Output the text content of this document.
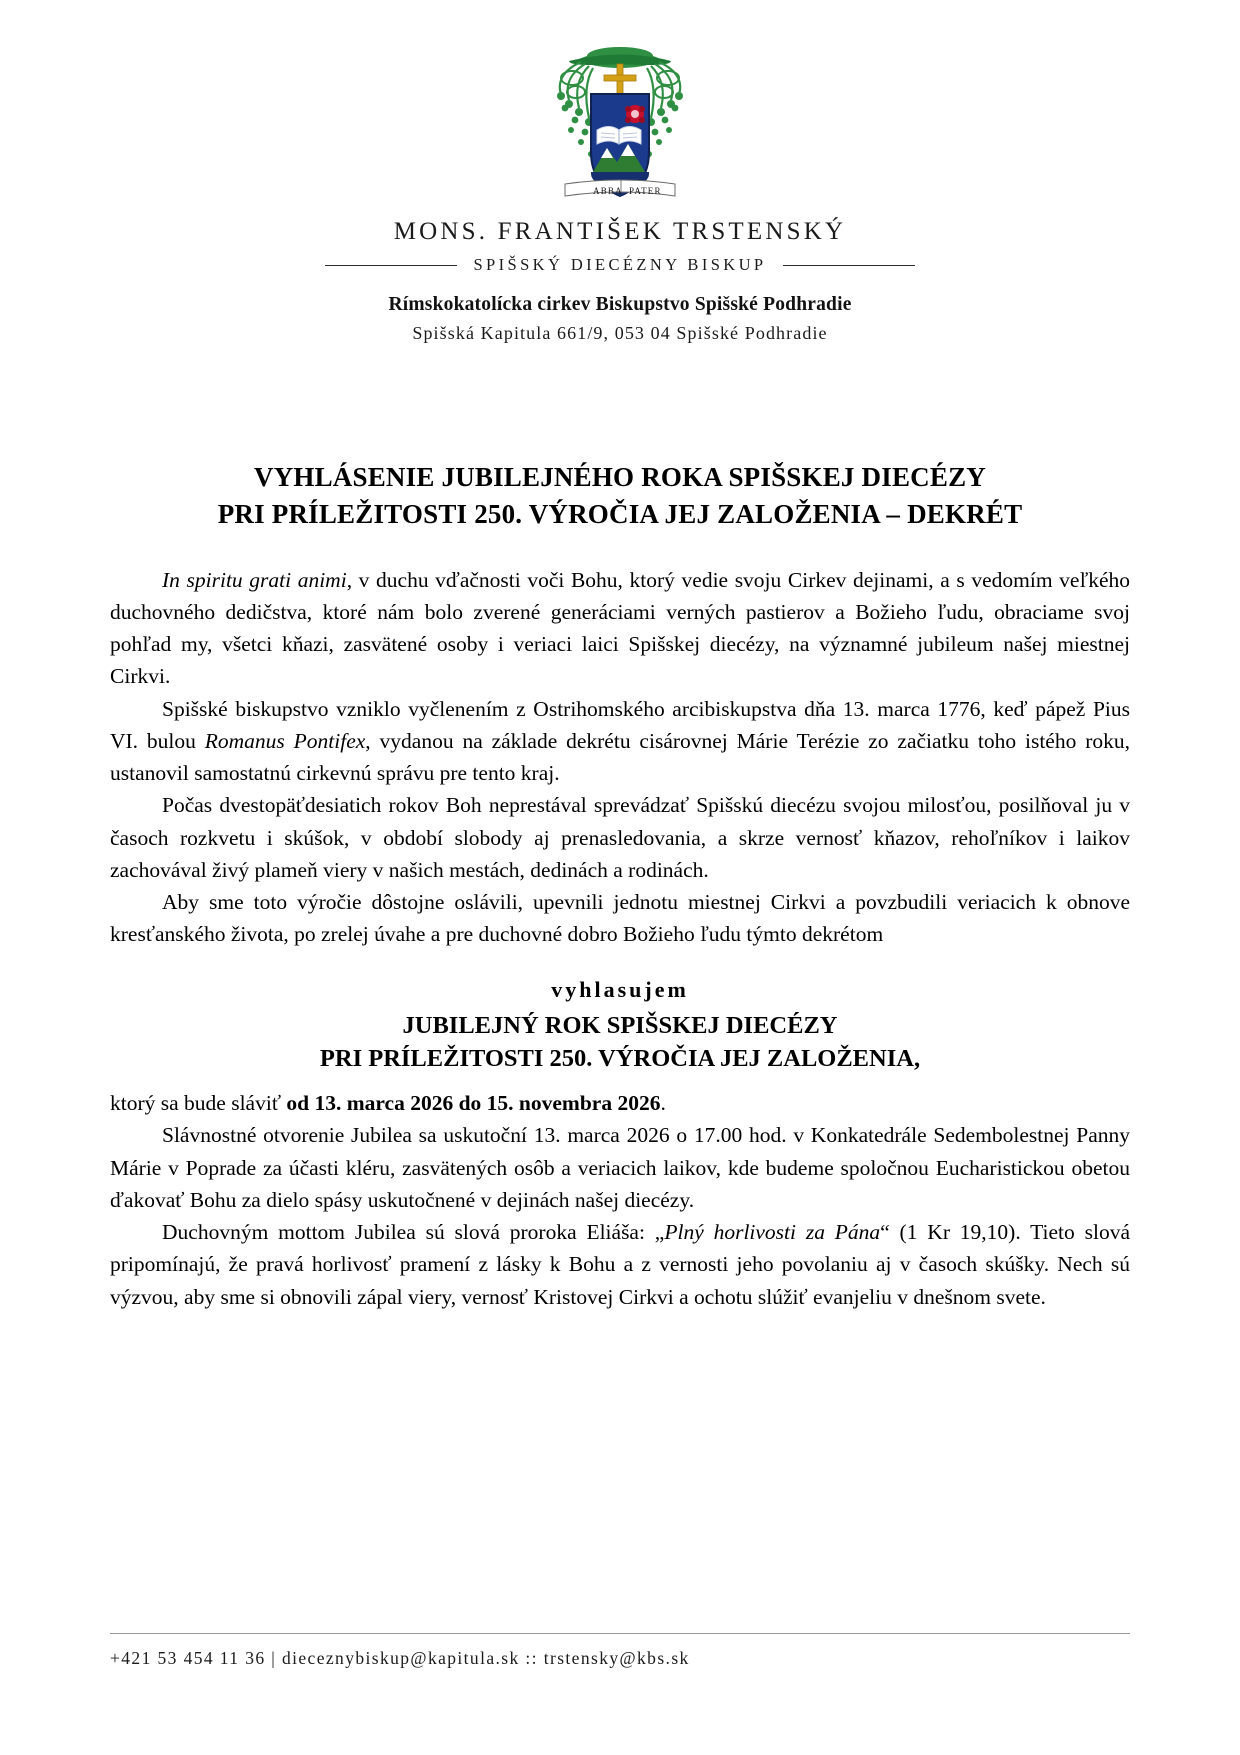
ABBA PATER
MONS. FRANTIŠEK TRSTENSKÝ
SPIŠSKÝ DIECÉZNY BISKUP
Rímskokatolícka cirkev Biskupstvo Spišské Podhradie
Spišská Kapitula 661/9, 053 04 Spišské Podhradie
VYHLÁSENIE JUBILEJNÉHO ROKA SPIŠSKEJ DIECÉZY
PRI PRÍLEŽITOSTI 250. VÝROČIA JEJ ZALOŽENIA – DEKRÉT

In spiritu grati animi, v duchu vďačnosti voči Bohu, ktorý vedie svoju Cirkev dejinami, a s vedomím veľkého duchovného dedičstva, ktoré nám bolo zverené generáciami verných pastierov a Božieho ľudu, obraciame svoj pohľad my, všetci kňazi, zasvätené osoby i veriaci laici Spišskej diecézy, na významné jubileum našej miestnej Cirkvi.

Spišské biskupstvo vzniklo vyčlenením z Ostrihomského arcibiskupstva dňa 13. marca 1776, keď pápež Pius VI. bulou Romanus Pontifex, vydanou na základe dekrétu cisárovnej Márie Terézie zo začiatku toho istého roku, ustanovil samostatnú cirkevnú správu pre tento kraj.

Počas dvestopäťdesiatich rokov Boh neprestával sprevádzať Spišskú diecézu svojou milosťou, posilňoval ju v časoch rozkvetu i skúšok, v období slobody aj prenasledovania, a skrze vernosť kňazov, rehoľníkov i laikov zachovával živý plameň viery v našich mestách, dedinách a rodinách.

Aby sme toto výročie dôstojne oslávili, upevnili jednotu miestnej Cirkvi a povzbudili veriacich k obnove kresťanského života, po zrelej úvahe a pre duchovné dobro Božieho ľudu týmto dekrétom

vyhlasujem
JUBILEJNÝ ROK SPIŠSKEJ DIECÉZY
PRI PRÍLEŽITOSTI 250. VÝROČIA JEJ ZALOŽENIA,

ktorý sa bude sláviť od 13. marca 2026 do 15. novembra 2026.

Slávnostné otvorenie Jubilea sa uskutoční 13. marca 2026 o 17.00 hod. v Konkatedrále Sedembolestnej Panny Márie v Poprade za účasti kléru, zasvätených osôb a veriacich laikov, kde budeme spoločnou Eucharistickou obetou ďakovať Bohu za dielo spásy uskutočnené v dejinách našej diecézy.

Duchovným mottom Jubilea sú slová proroka Eliáša: „Plný horlivosti za Pána“ (1 Kr 19,10). Tieto slová pripomínajú, že pravá horlivosť pramení z lásky k Bohu a z vernosti jeho povolaniu aj v časoch skúšky. Nech sú výzvou, aby sme si obnovili zápal viery, vernosť Kristovej Cirkvi a ochotu slúžiť evanjeliu v dnešnom svete.

+421 53 454 11 36 | dieceznybiskup@kapitula.sk :: trstensky@kbs.sk
